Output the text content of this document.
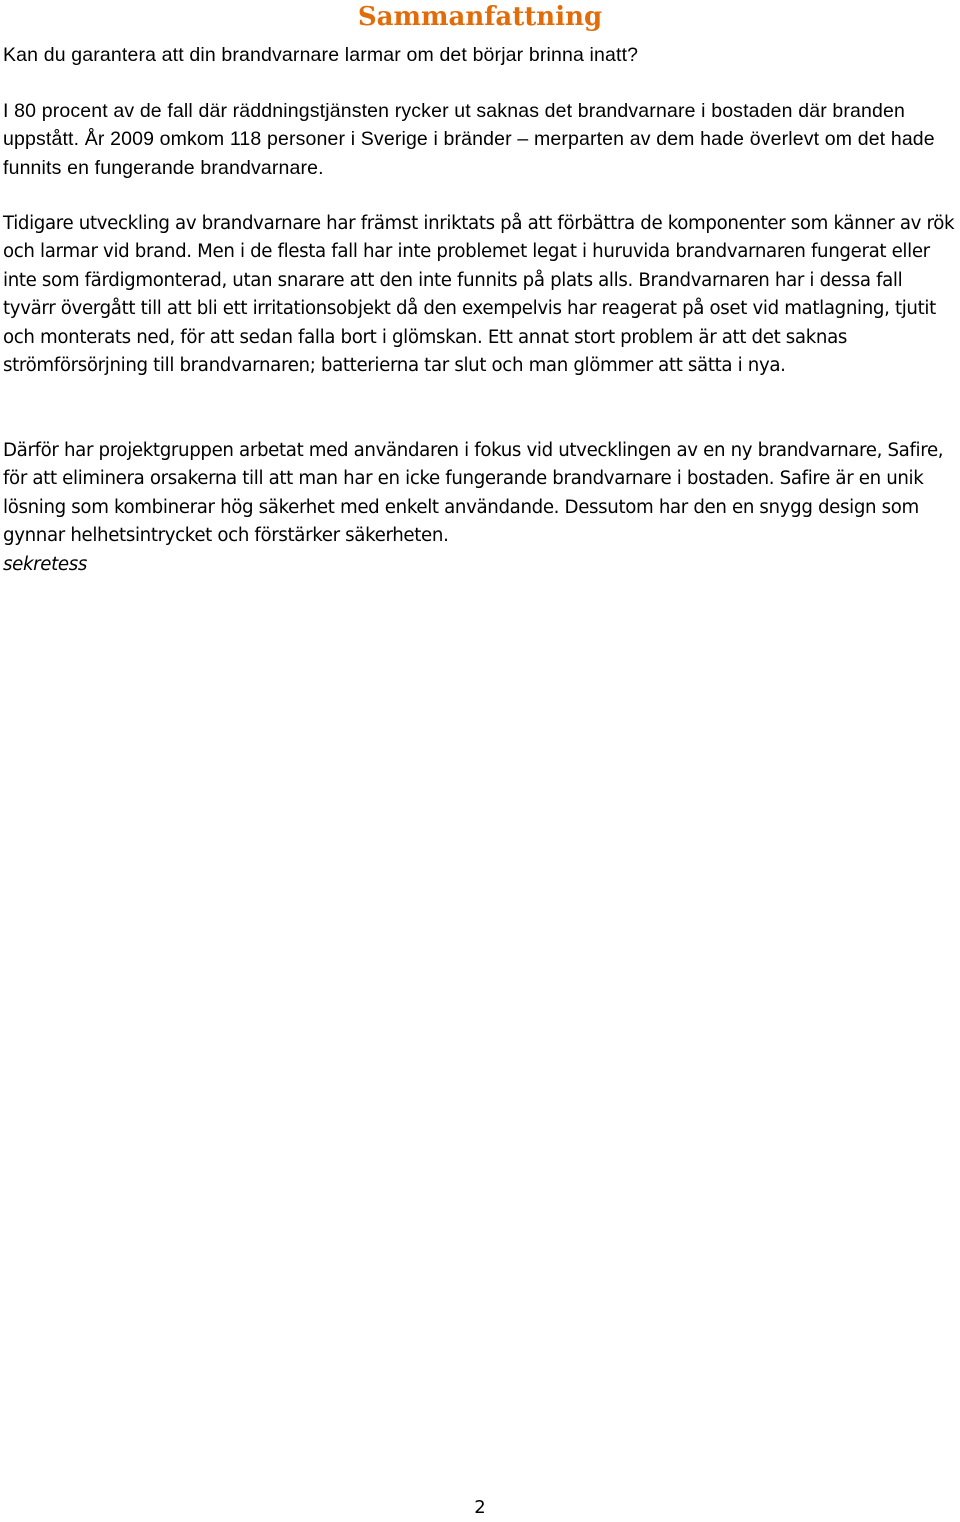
Sammanfattning

Kan du garantera att din brandvarnare larmar om det börjar brinna inatt?

I 80 procent av de fall där räddningstjänsten rycker ut saknas det brandvarnare i bostaden där branden uppstått. År 2009 omkom 118 personer i Sverige i bränder – merparten av dem hade överlevt om det hade funnits en fungerande brandvarnare.

Tidigare utveckling av brandvarnare har främst inriktats på att förbättra de komponenter som känner av rök och larmar vid brand. Men i de flesta fall har inte problemet legat i huruvida brandvarnaren fungerat eller inte som färdigmonterad, utan snarare att den inte funnits på plats alls. Brandvarnaren har i dessa fall tyvärr övergått till att bli ett irritationsobjekt då den exempelvis har reagerat på oset vid matlagning, tjutit och monterats ned, för att sedan falla bort i glömskan. Ett annat stort problem är att det saknas strömförsörjning till brandvarnaren; batterierna tar slut och man glömmer att sätta i nya.

Därför har projektgruppen arbetat med användaren i fokus vid utvecklingen av en ny brandvarnare, Safire, för att eliminera orsakerna till att man har en icke fungerande brandvarnare i bostaden. Safire är en unik lösning som kombinerar hög säkerhet med enkelt användande. Dessutom har den en snygg design som gynnar helhetsintrycket och förstärker säkerheten.

sekretess

2
